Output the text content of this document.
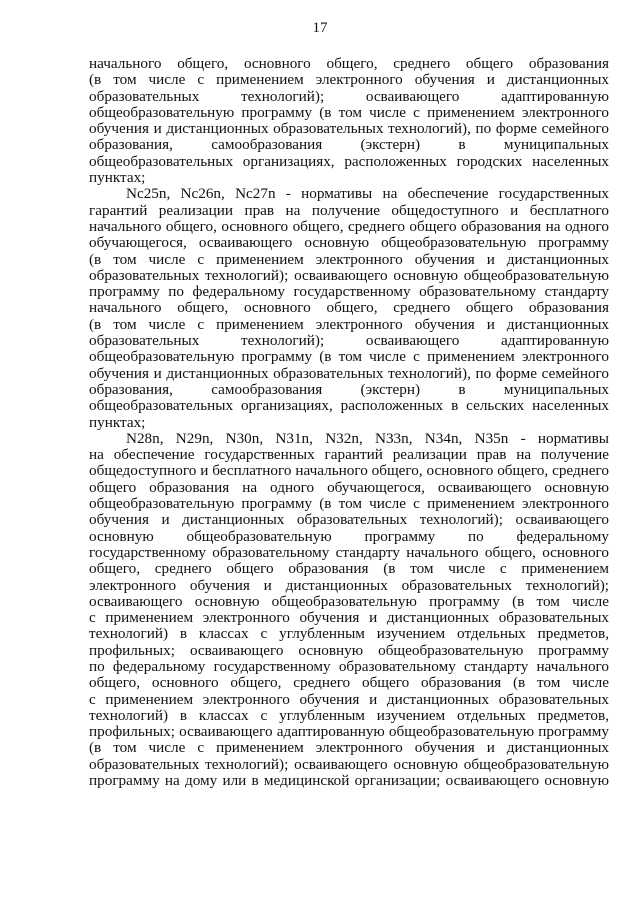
17
начального общего, основного общего, среднего общего образования
(в том числе с применением электронного обучения и дистанционных
образовательных технологий); осваивающего адаптированную
общеобразовательную программу (в том числе с применением электронного
обучения и дистанционных образовательных технологий), по форме семейного
образования, самообразования (экстерн) в муниципальных
общеобразовательных организациях, расположенных городских населенных
пунктах;
Nc25n, Nc26n, Nc27n - нормативы на обеспечение государственных
гарантий реализации прав на получение общедоступного и бесплатного
начального общего, основного общего, среднего общего образования на одного
обучающегося, осваивающего основную общеобразовательную программу
(в том числе с применением электронного обучения и дистанционных
образовательных технологий); осваивающего основную общеобразовательную
программу по федеральному государственному образовательному стандарту
начального общего, основного общего, среднего общего образования
(в том числе с применением электронного обучения и дистанционных
образовательных технологий); осваивающего адаптированную
общеобразовательную программу (в том числе с применением электронного
обучения и дистанционных образовательных технологий), по форме семейного
образования, самообразования (экстерн) в муниципальных
общеобразовательных организациях, расположенных в сельских населенных
пунктах;
N28n, N29n, N30n, N31n, N32n, N33n, N34n, N35n - нормативы
на обеспечение государственных гарантий реализации прав на получение
общедоступного и бесплатного начального общего, основного общего, среднего
общего образования на одного обучающегося, осваивающего основную
общеобразовательную программу (в том числе с применением электронного
обучения и дистанционных образовательных технологий); осваивающего
основную общеобразовательную программу по федеральному
государственному образовательному стандарту начального общего, основного
общего, среднего общего образования (в том числе с применением
электронного обучения и дистанционных образовательных технологий);
осваивающего основную общеобразовательную программу (в том числе
с применением электронного обучения и дистанционных образовательных
технологий) в классах с углубленным изучением отдельных предметов,
профильных; осваивающего основную общеобразовательную программу
по федеральному государственному образовательному стандарту начального
общего, основного общего, среднего общего образования (в том числе
с применением электронного обучения и дистанционных образовательных
технологий) в классах с углубленным изучением отдельных предметов,
профильных; осваивающего адаптированную общеобразовательную программу
(в том числе с применением электронного обучения и дистанционных
образовательных технологий); осваивающего основную общеобразовательную
программу на дому или в медицинской организации; осваивающего основную
